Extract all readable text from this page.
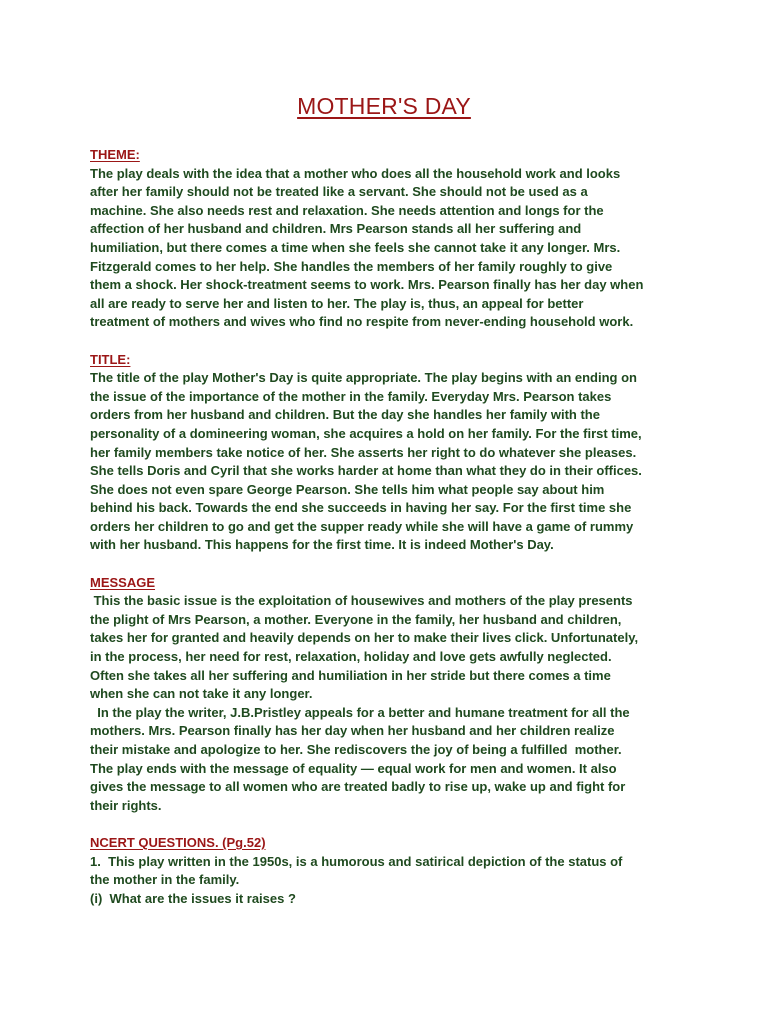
MOTHER'S DAY
THEME:
The play deals with the idea that a mother who does all the household work and looks
after her family should not be treated like a servant. She should not be used as a
machine. She also needs rest and relaxation. She needs attention and longs for the
affection of her husband and children. Mrs Pearson stands all her suffering and
humiliation, but there comes a time when she feels she cannot take it any longer. Mrs.
Fitzgerald comes to her help. She handles the members of her family roughly to give
them a shock. Her shock-treatment seems to work. Mrs. Pearson finally has her day when
all are ready to serve her and listen to her. The play is, thus, an appeal for better
treatment of mothers and wives who find no respite from never-ending household work.
TITLE:
The title of the play Mother's Day is quite appropriate. The play begins with an ending on
the issue of the importance of the mother in the family. Everyday Mrs. Pearson takes
orders from her husband and children. But the day she handles her family with the
personality of a domineering woman, she acquires a hold on her family. For the first time,
her family members take notice of her. She asserts her right to do whatever she pleases.
She tells Doris and Cyril that she works harder at home than what they do in their offices.
She does not even spare George Pearson. She tells him what people say about him
behind his back. Towards the end she succeeds in having her say. For the first time she
orders her children to go and get the supper ready while she will have a game of rummy
with her husband. This happens for the first time. It is indeed Mother's Day.
MESSAGE
This the basic issue is the exploitation of housewives and mothers of the play presents
the plight of Mrs Pearson, a mother. Everyone in the family, her husband and children,
takes her for granted and heavily depends on her to make their lives click. Unfortunately,
in the process, her need for rest, relaxation, holiday and love gets awfully neglected.
Often she takes all her suffering and humiliation in her stride but there comes a time
when she can not take it any longer.
In the play the writer, J.B.Pristley appeals for a better and humane treatment for all the
mothers. Mrs. Pearson finally has her day when her husband and her children realize
their mistake and apologize to her. She rediscovers the joy of being a fulfilled  mother.
The play ends with the message of equality — equal work for men and women. It also
gives the message to all women who are treated badly to rise up, wake up and fight for
their rights.
NCERT QUESTIONS. (Pg.52)
1.  This play written in the 1950s, is a humorous and satirical depiction of the status of
the mother in the family.
(i)  What are the issues it raises ?
